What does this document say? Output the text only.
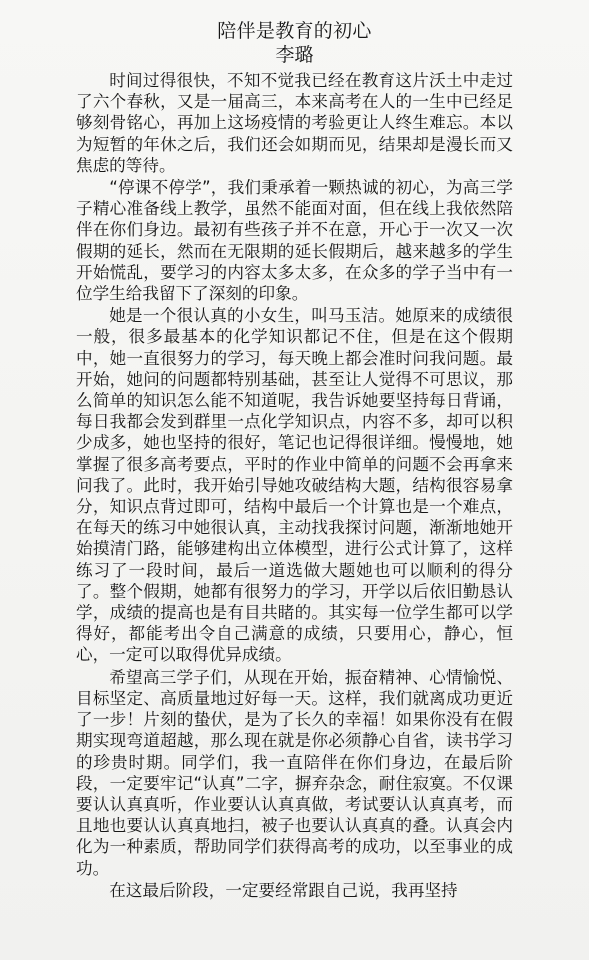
陪伴是教育的初心
李璐

时间过得很快，不知不觉我已经在教育这片沃土中走过了六个春秋，又是一届高三，本来高考在人的一生中已经足够刻骨铭心，再加上这场疫情的考验更让人终生难忘。本以为短暂的年休之后，我们还会如期而见，结果却是漫长而又焦虑的等待。

“停课不停学”，我们秉承着一颗热诚的初心，为高三学子精心准备线上教学，虽然不能面对面，但在线上我依然陪伴在你们身边。最初有些孩子并不在意，开心于一次又一次假期的延长，然而在无限期的延长假期后，越来越多的学生开始慌乱，要学习的内容太多太多，在众多的学子当中有一位学生给我留下了深刻的印象。

她是一个很认真的小女生，叫马玉洁。她原来的成绩很一般，很多最基本的化学知识都记不住，但是在这个假期中，她一直很努力的学习，每天晚上都会准时问我问题。最开始，她问的问题都特别基础，甚至让人觉得不可思议，那么简单的知识怎么能不知道呢，我告诉她要坚持每日背诵，每日我都会发到群里一点化学知识点，内容不多，却可以积少成多，她也坚持的很好，笔记也记得很详细。慢慢地，她掌握了很多高考要点，平时的作业中简单的问题不会再拿来问我了。此时，我开始引导她攻破结构大题，结构很容易拿分，知识点背过即可，结构中最后一个计算也是一个难点，在每天的练习中她很认真，主动找我探讨问题，渐渐地她开始摸清门路，能够建构出立体模型，进行公式计算了，这样练习了一段时间，最后一道选做大题她也可以顺利的得分了。整个假期，她都有很努力的学习，开学以后依旧勤恳认学，成绩的提高也是有目共睹的。其实每一位学生都可以学得好，都能考出令自己满意的成绩，只要用心，静心，恒心，一定可以取得优异成绩。

希望高三学子们，从现在开始，振奋精神、心情愉悦、目标坚定、高质量地过好每一天。这样，我们就离成功更近了一步！片刻的蛰伏，是为了长久的幸福！如果你没有在假期实现弯道超越，那么现在就是你必须静心自省，读书学习的珍贵时期。同学们，我一直陪伴在你们身边，在最后阶段，一定要牢记“认真”二字，摒弃杂念，耐住寂寞。不仅课要认认真真听，作业要认认真真做，考试要认认真真考，而且地也要认认真真地扫，被子也要认认真真的叠。认真会内化为一种素质，帮助同学们获得高考的成功，以至事业的成功。

在这最后阶段，一定要经常跟自己说，我再坚持
